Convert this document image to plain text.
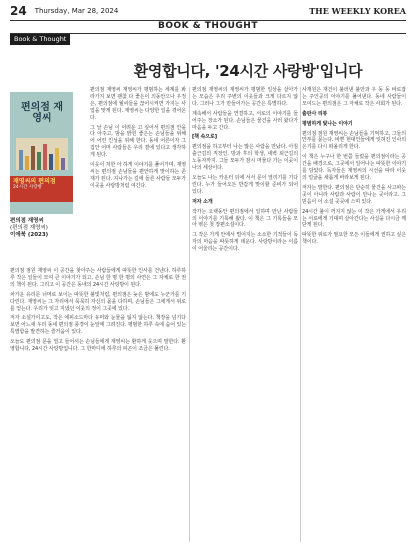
24 Thursday, Mar 28, 2024	THE WEEKLY KOREA
BOOK & THOUGHT
Book & Thought
환영합니다, '24시간 사랑방'입니다
편의점 재영씨
재영씨의 편의점
24시간 사랑방
편의점 재영씨
(편의점 재영씨)
이에북 (2023)

편의점 재영씨 재영씨가 평범하는 세계를 봐라가지 보면 괜찮 다 좋은이 의동안으나 우정은, 편의점에 월씨들을 끊어시켜면 가지는 사업을 맞게 된다. 재영씨는 다양한 일을 겪어온다.

그 날 손님 이 어려운 고 싶어서 편의점 안을 다 아주고, 밤을 밝힌 좋은는 손님들을 위해 어 어린 인성을 위해 한다. 동네 어른이자 그 집안 어머 사람들은 우리 곁에 있다고 생각하게 된다.

이웃이 처한 아 하게 이야기를 풀어가며, 재영씨는 편의점 손님들을 편안하게 맞이하는 존재가 된다. 지나가는 길에 들른 사람들 모두가 이곳을 사랑방처럼 여긴다.

편의점 점원 재영씨 이 공간을 찾아주는 사람들에게 따뜻한 인사를 건넨다. 하루하루 작은 일들이 모여 큰 이야기가 되고, 손님 한 명 한 명의 사연은 그 자체로 한 권의 책이 된다. 그리고 이 공간은 동네의 24시간 사랑방이 된다.

차가운 유리문 너머로 보이는 따뜻한 불빛처럼, 편의점은 늦은 밤에도 누군가를 기다린다. 재영씨는 그 자리에서 묵묵히 자신의 몫을 다하며, 손님들은 그에게서 위로를 얻는다. 우리가 잊고 지냈던 이웃의 정이 그곳에 있다.

저자 소설가이고도, 작은 에피소드마다 유머와 눈물을 잃지 않는다. 책장을 넘기다 보면 어느새 우리 동네 편의점 풍경이 눈앞에 그려진다. 평범한 하루 속에 숨어 있는 특별함을 발견하는 즐거움이 있다.

오늘도 편의점 문을 열고 들어서는 손님들에게 재영씨는 환하게 웃으며 말한다. 환영합니다, 24시간 사랑방입니다. 그 한마디에 하루의 피곤이 조금은 풀린다.

편의점 재영씨의 재영씨가 평범한 일상을 살아가는 모습은 우리 주변의 이웃들과 크게 다르지 않다. 그러나 그가 만들어가는 공간은 특별하다.

계속해서 사람들을 연결하고, 서로의 이야기를 들어주는 장소가 된다. 손님들은 물건을 사러 왔다가 마음을 두고 간다.

[책 속으로]

편의점을 하고부터 나는 많은 사람을 만났다. 아침 출근길의 직장인, 방과 후의 학생, 새벽 퇴근길의 노동자까지. 그들 모두가 잠시 머물다 가는 이곳이 나의 세상이다.

오늘도 나는 카운터 뒤에 서서 문이 열리기를 기다린다. 누가 들어오든 반갑게 맞이할 준비가 되어 있다.

저자 소개

작가는 오랫동안 편의점에서 일하며 만난 사람들의 이야기를 기록해 왔다. 이 책은 그 기록들을 모아 엮은 첫 장편소설이다.

그 작은 가게 안에서 벌어지는 소소한 기적들이 독자의 마음을 따뜻하게 데운다. 사랑방이라는 이름이 어울리는 공간이다.

사재원은 재건이 불러낸 불만과 우 동 동 바로잡는 주인공의 이야기를 풀어낸다. 동네 사람들이 모여드는 편의점은 그 자체로 작은 사회가 된다.

출판사 리뷰

평범하게 빛나는 이야기

편의점 점원 재영씨는 손님들을 기억하고, 그들의 안부를 묻는다. 바쁜 현대인들에게 잊혀진 인사의 온기를 다시 떠올리게 한다.

이 책은 누구나 한 번쯤 들렀을 편의점이라는 공간을 배경으로, 그곳에서 일어나는 따뜻한 이야기를 담았다. 독자들은 재영씨의 시선을 따라 이웃의 얼굴을 새롭게 바라보게 된다.

저자는 말한다. 편의점은 단순히 물건을 사고파는 곳이 아니라 사람과 사람이 만나는 곳이라고. 그 믿음이 이 소설 곳곳에 스며 있다.

24시간 불이 꺼지지 않는 이 작은 가게에서 우리는 서로에게 기대며 살아간다는 사실을 다시금 깨닫게 된다.

따뜻한 위로가 필요한 모든 이들에게 권하고 싶은 책이다.
